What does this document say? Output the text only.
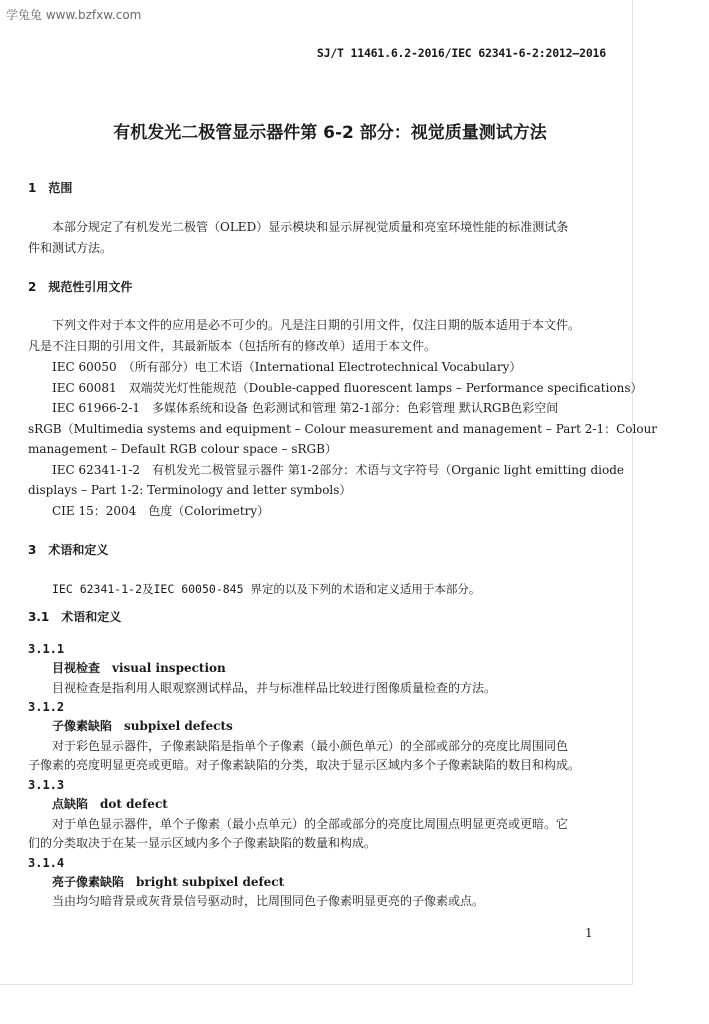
学兔兔 www.bzfxw.com
SJ/T 11461.6.2-2016/IEC 62341-6-2:2012—2016
有机发光二极管显示器件第 6-2 部分：视觉质量测试方法
1　范围
本部分规定了有机发光二极管（OLED）显示模块和显示屏视觉质量和亮室环境性能的标准测试条
件和测试方法。
2　规范性引用文件
下列文件对于本文件的应用是必不可少的。凡是注日期的引用文件，仅注日期的版本适用于本文件。
凡是不注日期的引用文件，其最新版本（包括所有的修改单）适用于本文件。
IEC 60050　（所有部分）电工术语（International Electrotechnical Vocabulary）
IEC 60081　双端荧光灯性能规范（Double-capped fluorescent lamps – Performance specifications）
IEC 61966-2-1　多媒体系统和设备 色彩测试和管理 第2-1部分：色彩管理 默认RGB色彩空间
sRGB（Multimedia systems and equipment – Colour measurement and management – Part 2-1：Colour
management – Default RGB colour space – sRGB）
IEC 62341-1-2　有机发光二极管显示器件 第1-2部分：术语与文字符号（Organic light emitting diode
displays – Part 1-2: Terminology and letter symbols）
CIE 15：2004　色度（Colorimetry）
3　术语和定义
IEC 62341-1-2及IEC 60050-845 界定的以及下列的术语和定义适用于本部分。
3.1　术语和定义
3.1.1
目视检查　visual inspection
目视检查是指利用人眼观察测试样品，并与标准样品比较进行图像质量检查的方法。
3.1.2
子像素缺陷　subpixel defects
对于彩色显示器件，子像素缺陷是指单个子像素（最小颜色单元）的全部或部分的亮度比周围同色
子像素的亮度明显更亮或更暗。对子像素缺陷的分类，取决于显示区域内多个子像素缺陷的数目和构成。
3.1.3
点缺陷　dot defect
对于单色显示器件，单个子像素（最小点单元）的全部或部分的亮度比周围点明显更亮或更暗。它
们的分类取决于在某一显示区域内多个子像素缺陷的数量和构成。
3.1.4
亮子像素缺陷　bright subpixel defect
当由均匀暗背景或灰背景信号驱动时，比周围同色子像素明显更亮的子像素或点。
1
